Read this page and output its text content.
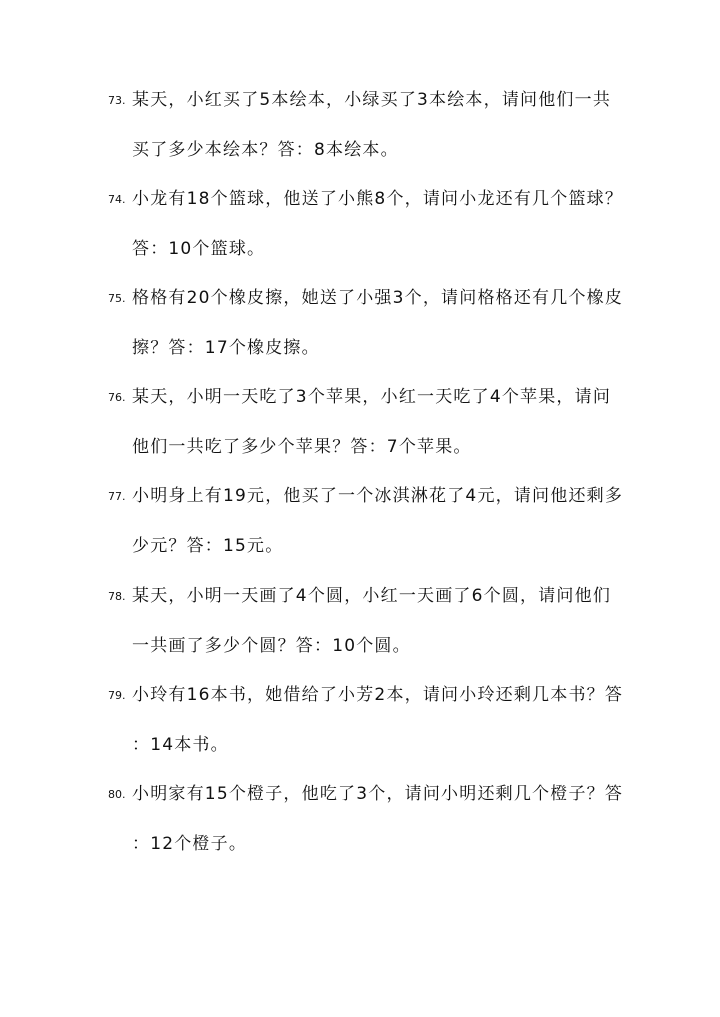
73. 某天，小红买了5本绘本，小绿买了3本绘本，请问他们一共
买了多少本绘本？答：8本绘本。
74. 小龙有18个篮球，他送了小熊8个，请问小龙还有几个篮球？
答：10个篮球。
75. 格格有20个橡皮擦，她送了小强3个，请问格格还有几个橡皮
擦？答：17个橡皮擦。
76. 某天，小明一天吃了3个苹果，小红一天吃了4个苹果，请问
他们一共吃了多少个苹果？答：7个苹果。
77. 小明身上有19元，他买了一个冰淇淋花了4元，请问他还剩多
少元？答：15元。
78. 某天，小明一天画了4个圆，小红一天画了6个圆，请问他们
一共画了多少个圆？答：10个圆。
79. 小玲有16本书，她借给了小芳2本，请问小玲还剩几本书？答
：14本书。
80. 小明家有15个橙子，他吃了3个，请问小明还剩几个橙子？答
：12个橙子。
